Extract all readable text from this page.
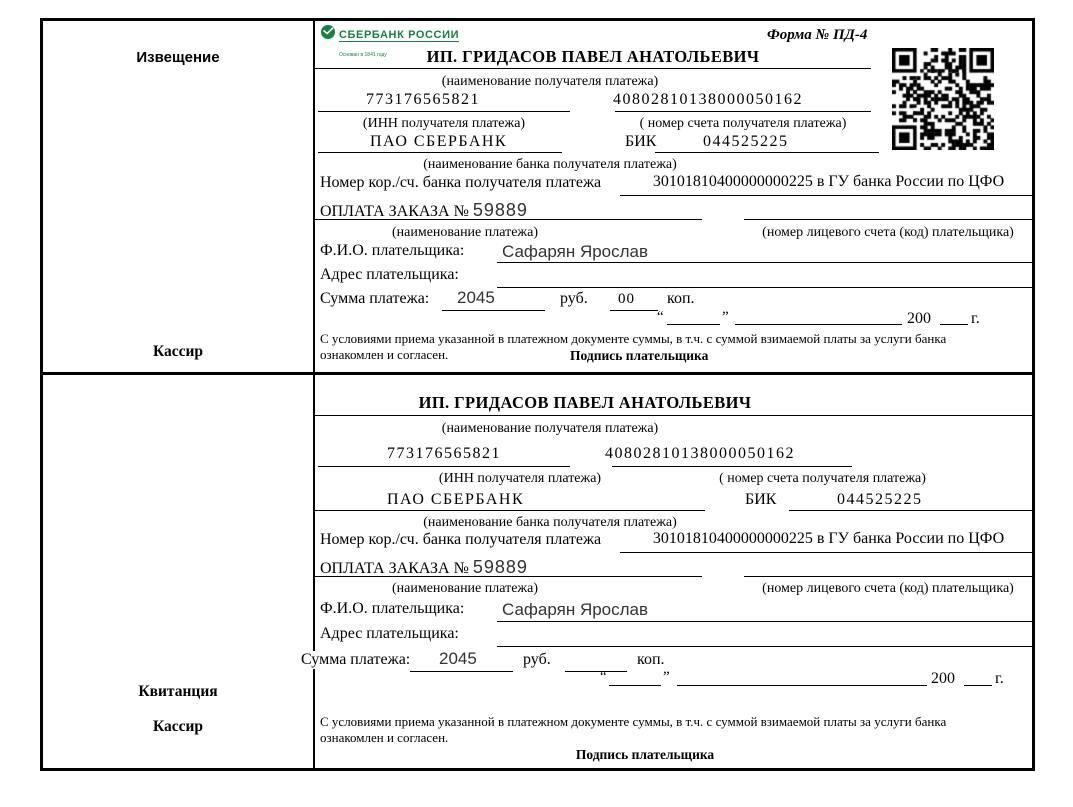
Извещение
Кассир
Квитанция
Кассир
СБЕРБАНК РОССИИ
Основан в 1841 году
Форма № ПД-4
ИП. ГРИДАСОВ ПАВЕЛ АНАТОЛЬЕВИЧ
(наименование получателя платежа)
773176565821	40802810138000050162
(ИНН получателя платежа)	( номер счета получателя платежа)
ПАО СБЕРБАНК	БИК	044525225
(наименование банка получателя платежа)
Номер кор./сч. банка получателя платежа	30101810400000000225 в ГУ банка России по ЦФО
ОПЛАТА ЗАКАЗА № 59889
(наименование платежа)	(номер лицевого счета (код) плательщика)
Ф.И.О. плательщика: Сафарян Ярослав
Адрес плательщика:
Сумма платежа: 2045	руб. 00 коп.
“	”	200	г.
С условиями приема указанной в платежном документе суммы, в т.ч. с суммой взимаемой платы за услуги банка
ознакомлен и согласен.	Подпись плательщика
ИП. ГРИДАСОВ ПАВЕЛ АНАТОЛЬЕВИЧ
(наименование получателя платежа)
773176565821	40802810138000050162
(ИНН получателя платежа)	( номер счета получателя платежа)
ПАО СБЕРБАНК	БИК	044525225
(наименование банка получателя платежа)
Номер кор./сч. банка получателя платежа	30101810400000000225 в ГУ банка России по ЦФО
ОПЛАТА ЗАКАЗА № 59889
(наименование платежа)	(номер лицевого счета (код) плательщика)
Ф.И.О. плательщика: Сафарян Ярослав
Адрес плательщика:
Сумма платежа: 2045	руб.	коп.
“	”	200	г.
С условиями приема указанной в платежном документе суммы, в т.ч. с суммой взимаемой платы за услуги банка
ознакомлен и согласен.
Подпись плательщика
